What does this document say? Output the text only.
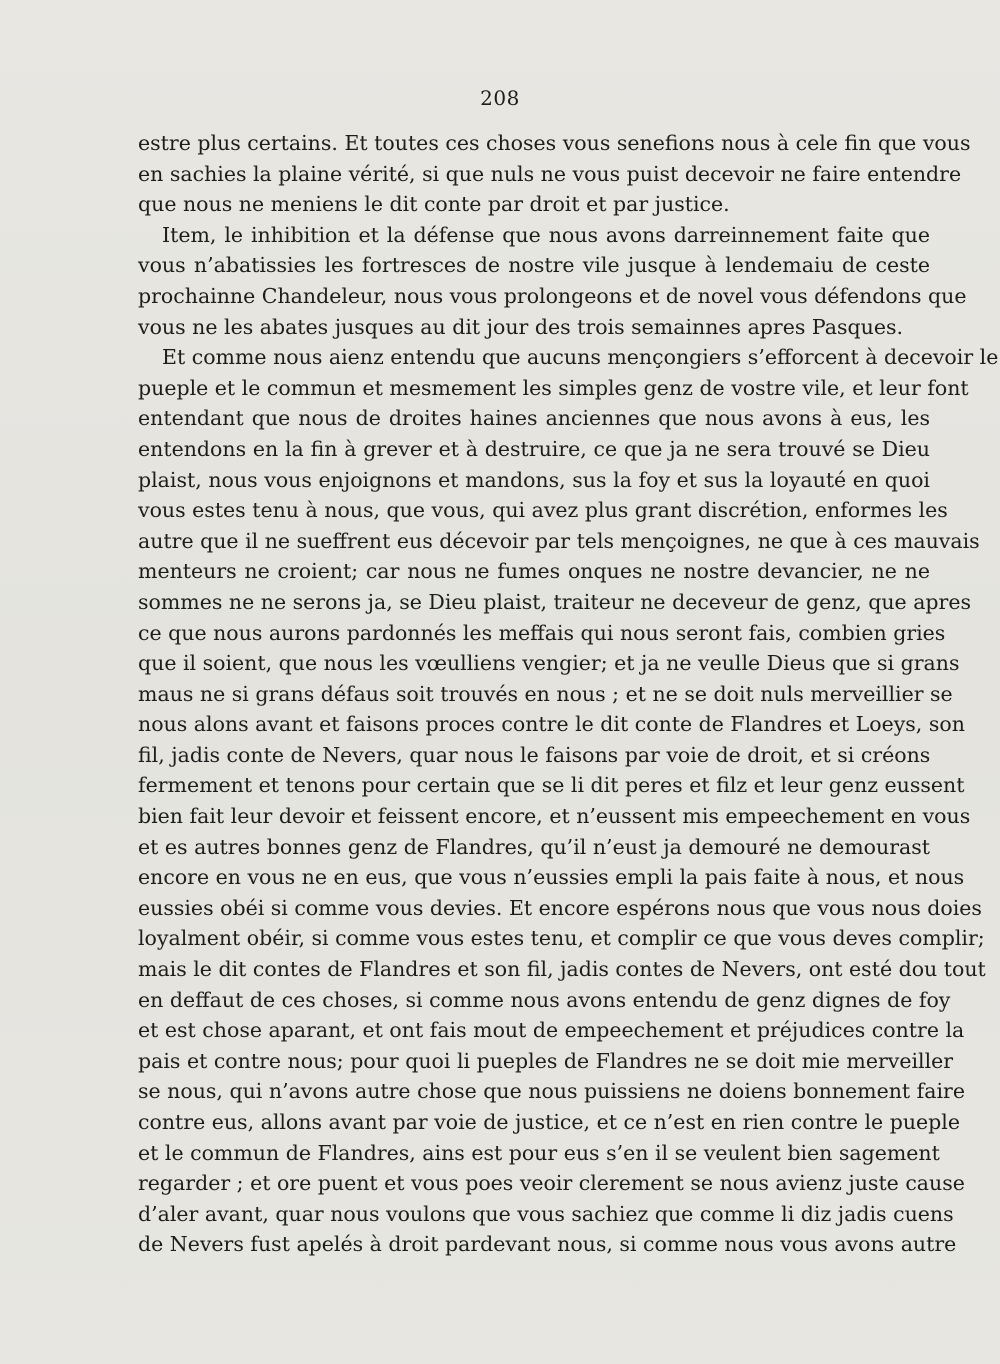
208
estre plus certains. Et toutes ces choses vous senefions nous à cele fin que vous
en sachies la plaine vérité, si que nuls ne vous puist decevoir ne faire entendre
que nous ne meniens le dit conte par droit et par justice.
Item, le inhibition et la défense que nous avons darreinnement faite que
vous n’abatissies les fortresces de nostre vile jusque à lendemaiu de ceste
prochainne Chandeleur, nous vous prolongeons et de novel vous défendons que
vous ne les abates jusques au dit jour des trois semainnes apres Pasques.
Et comme nous aienz entendu que aucuns mençongiers s’efforcent à decevoir le
pueple et le commun et mesmement les simples genz de vostre vile, et leur font
entendant que nous de droites haines anciennes que nous avons à eus, les
entendons en la fin à grever et à destruire, ce que ja ne sera trouvé se Dieu
plaist, nous vous enjoignons et mandons, sus la foy et sus la loyauté en quoi
vous estes tenu à nous, que vous, qui avez plus grant discrétion, enformes les
autre que il ne sueffrent eus décevoir par tels mençoignes, ne que à ces mauvais
menteurs ne croient; car nous ne fumes onques ne nostre devancier, ne ne
sommes ne ne serons ja, se Dieu plaist, traiteur ne deceveur de genz, que apres
ce que nous aurons pardonnés les meffais qui nous seront fais, combien gries
que il soient, que nous les vœulliens vengier; et ja ne veulle Dieus que si grans
maus ne si grans défaus soit trouvés en nous ; et ne se doit nuls merveillier se
nous alons avant et faisons proces contre le dit conte de Flandres et Loeys, son
fil, jadis conte de Nevers, quar nous le faisons par voie de droit, et si créons
fermement et tenons pour certain que se li dit peres et filz et leur genz eussent
bien fait leur devoir et feissent encore, et n’eussent mis empeechement en vous
et es autres bonnes genz de Flandres, qu’il n’eust ja demouré ne demourast
encore en vous ne en eus, que vous n’eussies empli la pais faite à nous, et nous
eussies obéi si comme vous devies. Et encore espérons nous que vous nous doies
loyalment obéir, si comme vous estes tenu, et complir ce que vous deves complir;
mais le dit contes de Flandres et son fil, jadis contes de Nevers, ont esté dou tout
en deffaut de ces choses, si comme nous avons entendu de genz dignes de foy
et est chose aparant, et ont fais mout de empeechement et préjudices contre la
pais et contre nous; pour quoi li pueples de Flandres ne se doit mie merveiller
se nous, qui n’avons autre chose que nous puissiens ne doiens bonnement faire
contre eus, allons avant par voie de justice, et ce n’est en rien contre le pueple
et le commun de Flandres, ains est pour eus s’en il se veulent bien sagement
regarder ; et ore puent et vous poes veoir clerement se nous avienz juste cause
d’aler avant, quar nous voulons que vous sachiez que comme li diz jadis cuens
de Nevers fust apelés à droit pardevant nous, si comme nous vous avons autre
